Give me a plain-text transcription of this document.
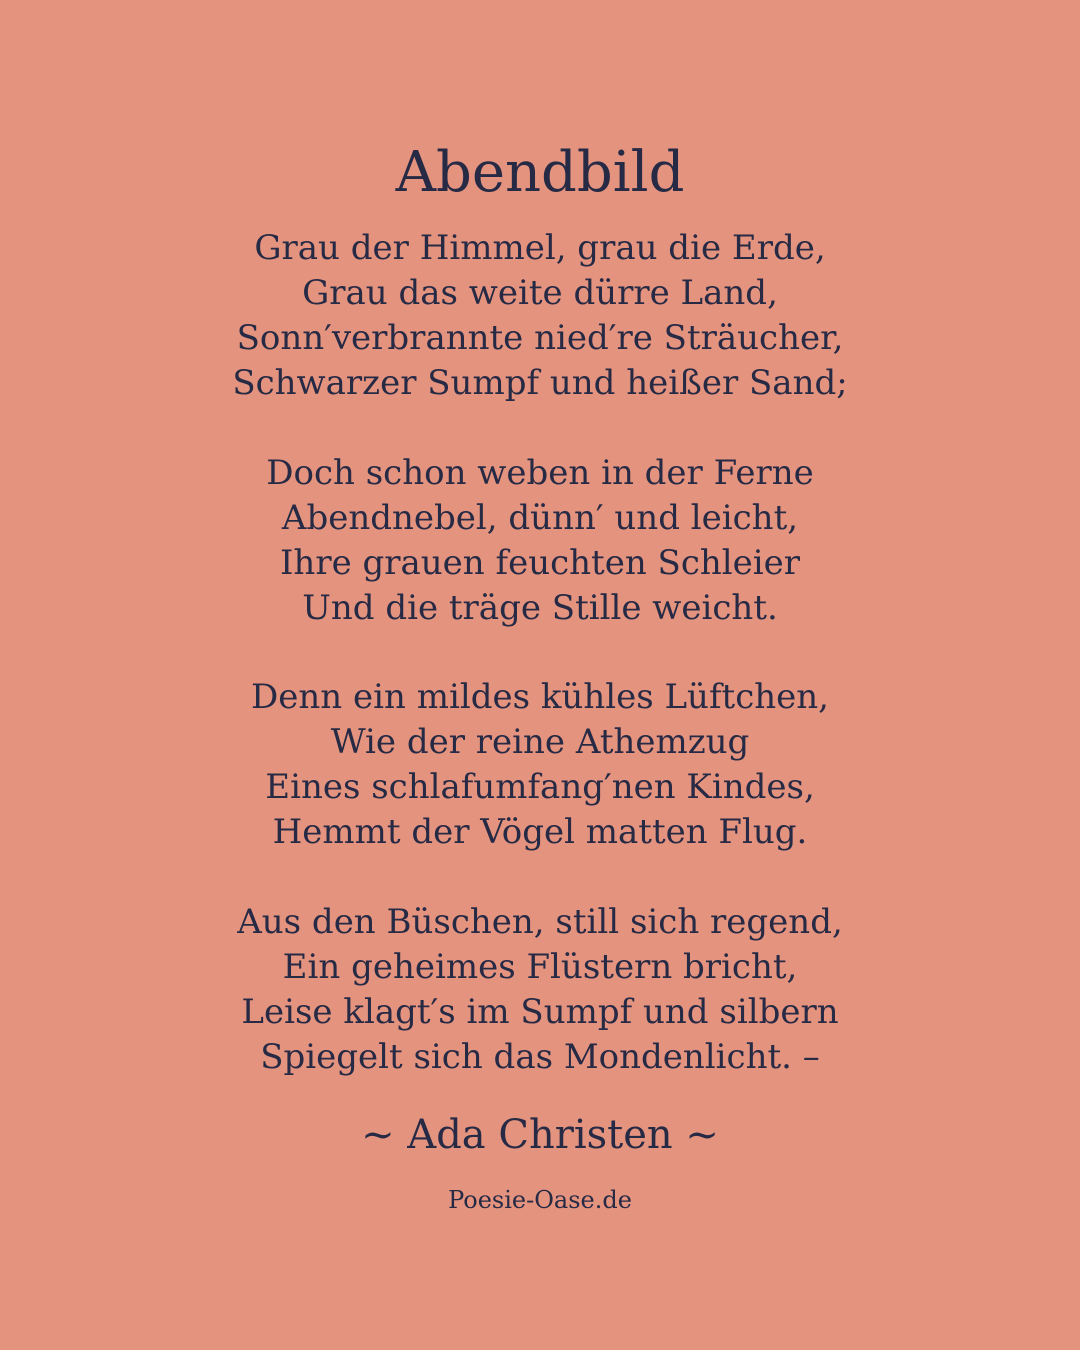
Abendbild
Grau der Himmel, grau die Erde,
Grau das weite dürre Land,
Sonn′verbrannte nied′re Sträucher,
Schwarzer Sumpf und heißer Sand;
Doch schon weben in der Ferne
Abendnebel, dünn′ und leicht,
Ihre grauen feuchten Schleier
Und die träge Stille weicht.
Denn ein mildes kühles Lüftchen,
Wie der reine Athemzug
Eines schlafumfang′nen Kindes,
Hemmt der Vögel matten Flug.
Aus den Büschen, still sich regend,
Ein geheimes Flüstern bricht,
Leise klagt′s im Sumpf und silbern
Spiegelt sich das Mondenlicht. –
~ Ada Christen ~
Poesie-Oase.de
